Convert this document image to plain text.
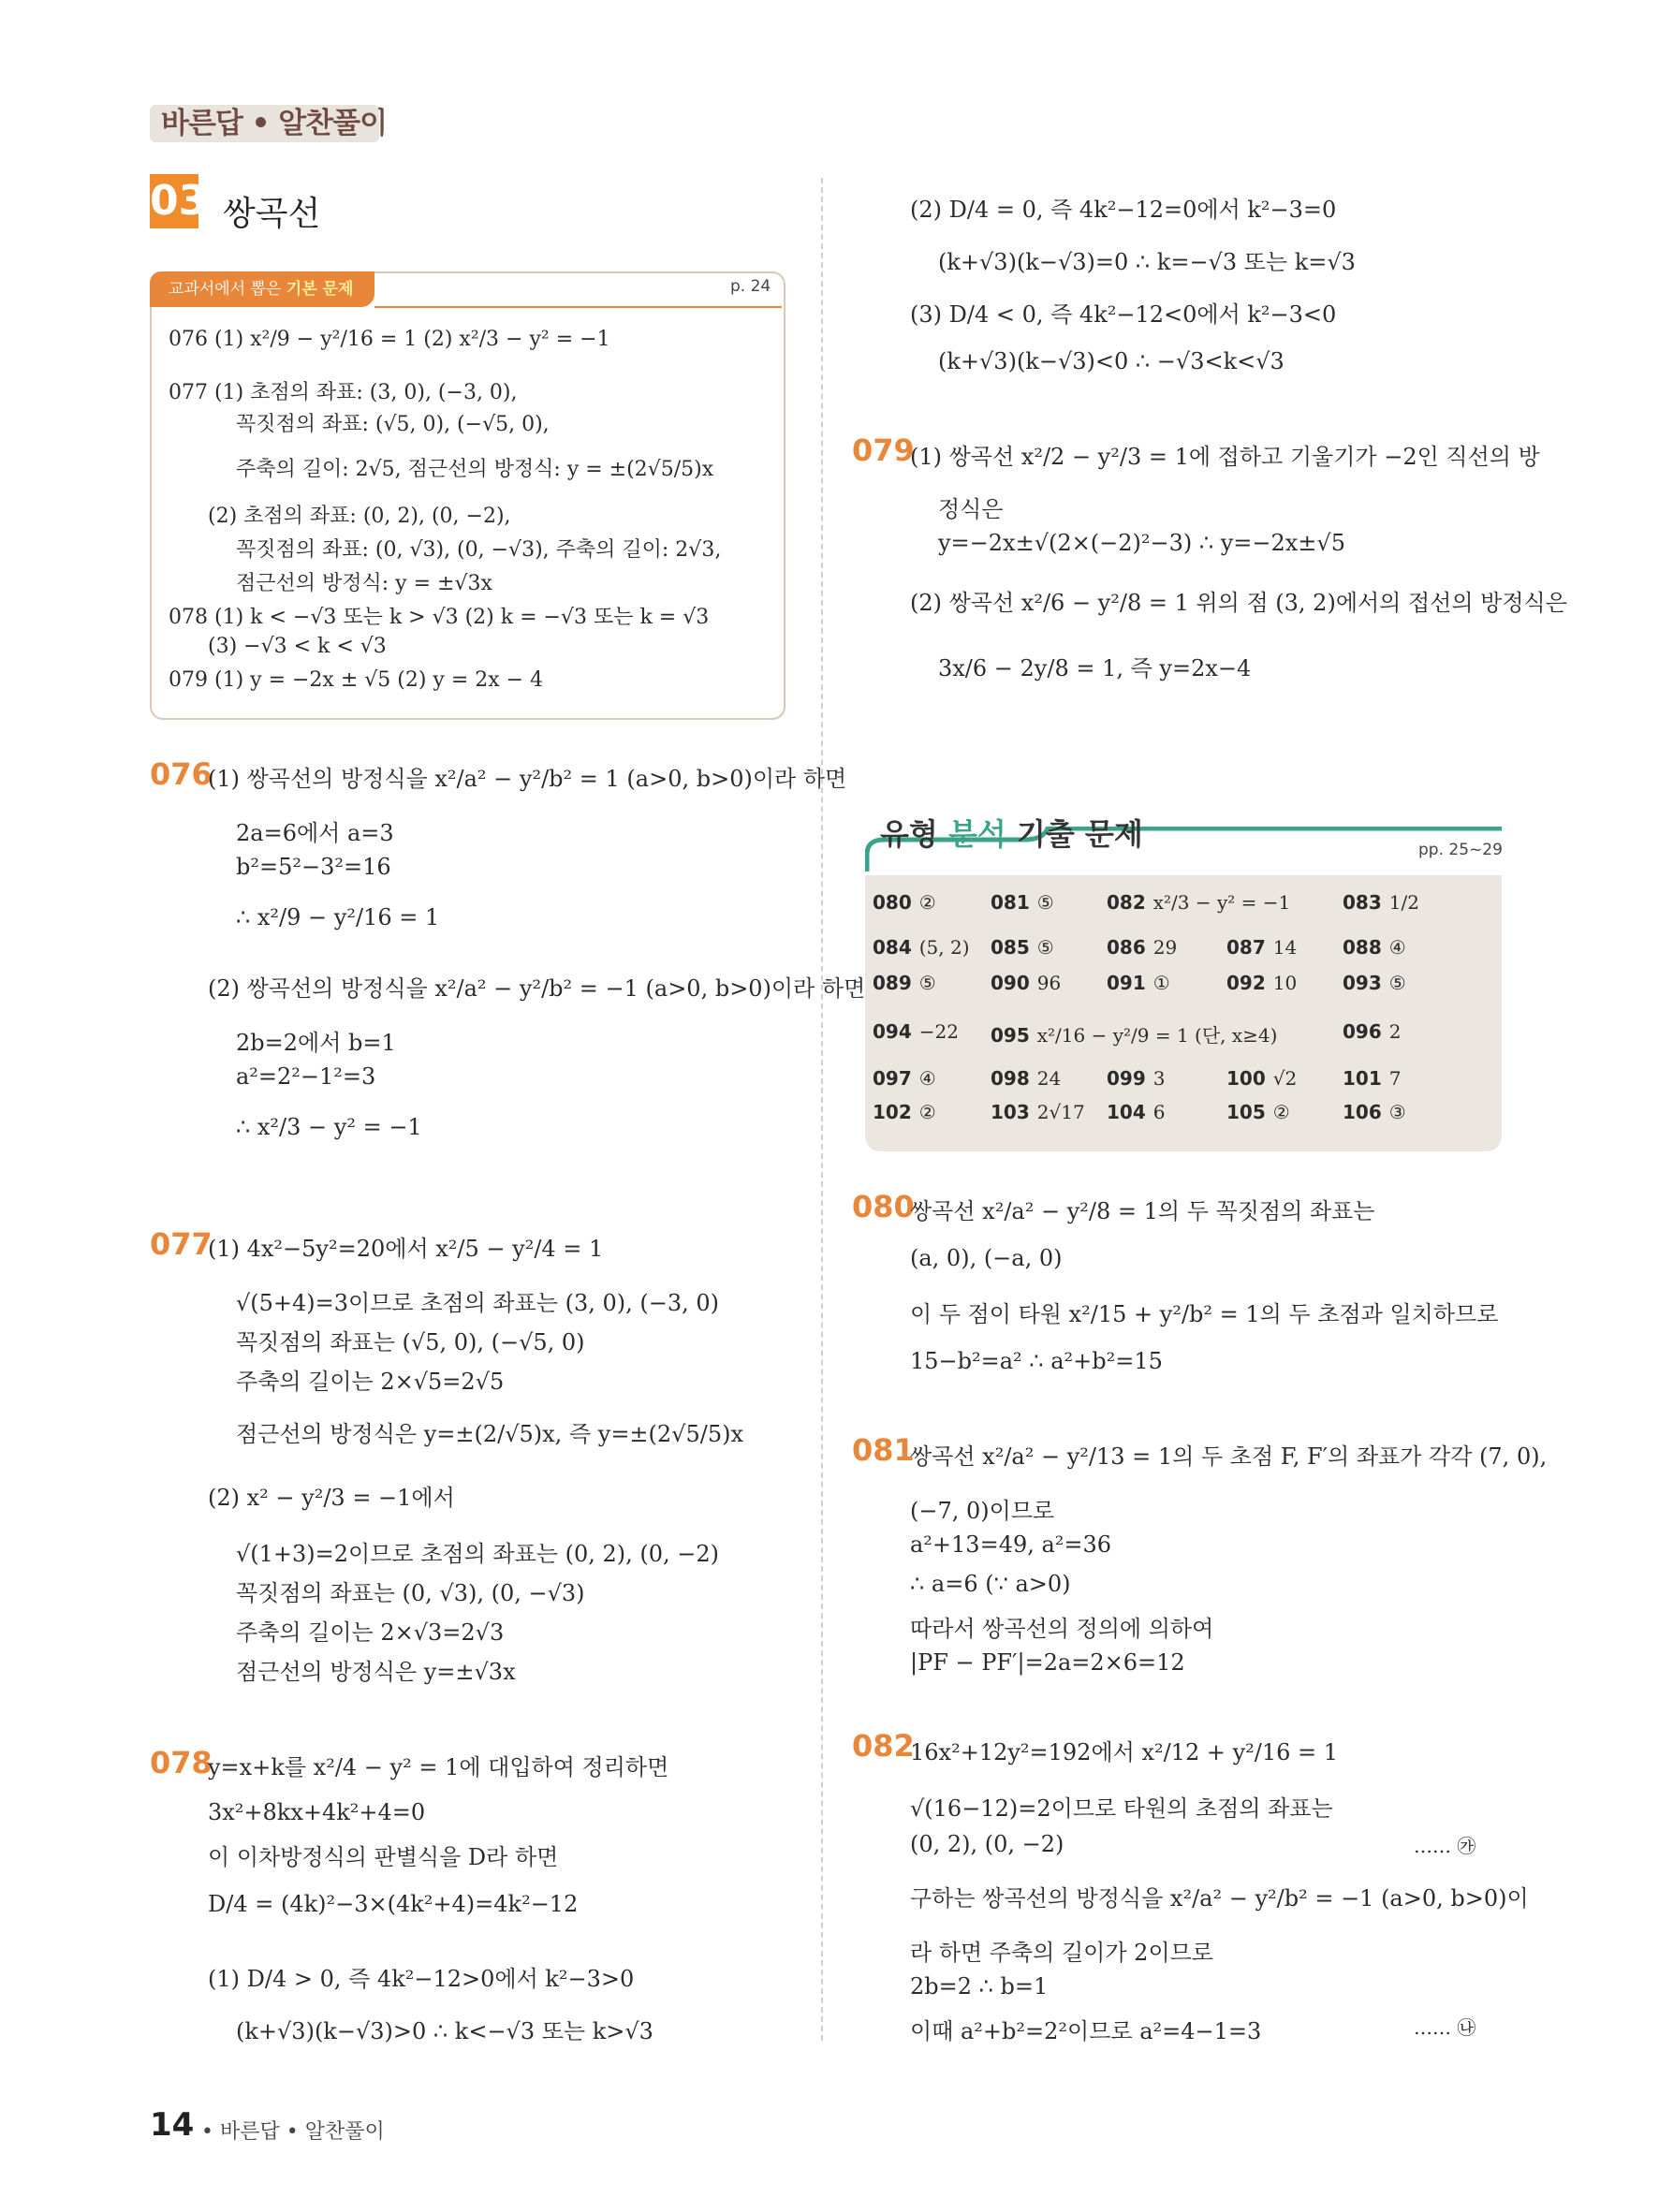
바른답 • 알찬풀이
03 쌍곡선
교과서에서 뽑은 기본 문제	p. 24
076 (1) x²/9 − y²/16 = 1 (2) x²/3 − y² = −1
077 (1) 초점의 좌표: (3, 0), (−3, 0),
꼭짓점의 좌표: (√5, 0), (−√5, 0),
주축의 길이: 2√5, 점근선의 방정식: y = ±(2√5/5)x
(2) 초점의 좌표: (0, 2), (0, −2),
꼭짓점의 좌표: (0, √3), (0, −√3), 주축의 길이: 2√3,
점근선의 방정식: y = ±√3x
078 (1) k < −√3 또는 k > √3 (2) k = −√3 또는 k = √3
(3) −√3 < k < √3
079 (1) y = −2x ± √5 (2) y = 2x − 4
076
(1) 쌍곡선의 방정식을 x²/a² − y²/b² = 1 (a>0, b>0)이라 하면
2a=6에서 a=3
b²=5²−3²=16
∴ x²/9 − y²/16 = 1
(2) 쌍곡선의 방정식을 x²/a² − y²/b² = −1 (a>0, b>0)이라 하면
2b=2에서 b=1
a²=2²−1²=3
∴ x²/3 − y² = −1
077
(1) 4x²−5y²=20에서 x²/5 − y²/4 = 1
√(5+4)=3이므로 초점의 좌표는 (3, 0), (−3, 0)
꼭짓점의 좌표는 (√5, 0), (−√5, 0)
주축의 길이는 2×√5=2√5
점근선의 방정식은 y=±(2/√5)x, 즉 y=±(2√5/5)x
(2) x² − y²/3 = −1에서
√(1+3)=2이므로 초점의 좌표는 (0, 2), (0, −2)
꼭짓점의 좌표는 (0, √3), (0, −√3)
주축의 길이는 2×√3=2√3
점근선의 방정식은 y=±√3x
078
y=x+k를 x²/4 − y² = 1에 대입하여 정리하면
3x²+8kx+4k²+4=0
이 이차방정식의 판별식을 D라 하면
D/4 = (4k)²−3×(4k²+4)=4k²−12
(1) D/4 > 0, 즉 4k²−12>0에서 k²−3>0
(k+√3)(k−√3)>0 ∴ k<−√3 또는 k>√3
(2) D/4 = 0, 즉 4k²−12=0에서 k²−3=0
(k+√3)(k−√3)=0 ∴ k=−√3 또는 k=√3
(3) D/4 < 0, 즉 4k²−12<0에서 k²−3<0
(k+√3)(k−√3)<0 ∴ −√3<k<√3
079
(1) 쌍곡선 x²/2 − y²/3 = 1에 접하고 기울기가 −2인 직선의 방
정식은
y=−2x±√(2×(−2)²−3) ∴ y=−2x±√5
(2) 쌍곡선 x²/6 − y²/8 = 1 위의 점 (3, 2)에서의 접선의 방정식은
3x/6 − 2y/8 = 1, 즉 y=2x−4
유형 분석 기출 문제	pp. 25~29
080 ②	081 ⑤	082 x²/3 − y² = −1	083 1/2
084 (5, 2) 085 ⑤	086 29	087 14 088 ④
089 ⑤	090 96 091 ①	092 10 093 ⑤
094 −22 095 x²/16 − y²/9 = 1 (단, x≥4)	096 2
097 ④	098 24 099 3	100 √2 101 7
102 ②	103 2√17 104 6	105 ②	106 ③
080
쌍곡선 x²/a² − y²/8 = 1의 두 꼭짓점의 좌표는
(a, 0), (−a, 0)
이 두 점이 타원 x²/15 + y²/b² = 1의 두 초점과 일치하므로
15−b²=a² ∴ a²+b²=15
081
쌍곡선 x²/a² − y²/13 = 1의 두 초점 F, F′의 좌표가 각각 (7, 0),
(−7, 0)이므로
a²+13=49, a²=36
∴ a=6 (∵ a>0)
따라서 쌍곡선의 정의에 의하여
|PF − PF′|=2a=2×6=12
082
16x²+12y²=192에서 x²/12 + y²/16 = 1
√(16−12)=2이므로 타원의 초점의 좌표는
(0, 2), (0, −2)	…… ㉮
구하는 쌍곡선의 방정식을 x²/a² − y²/b² = −1 (a>0, b>0)이
라 하면 주축의 길이가 2이므로
2b=2 ∴ b=1
이때 a²+b²=2²이므로 a²=4−1=3	…… ㉯
14 • 바른답 • 알찬풀이
